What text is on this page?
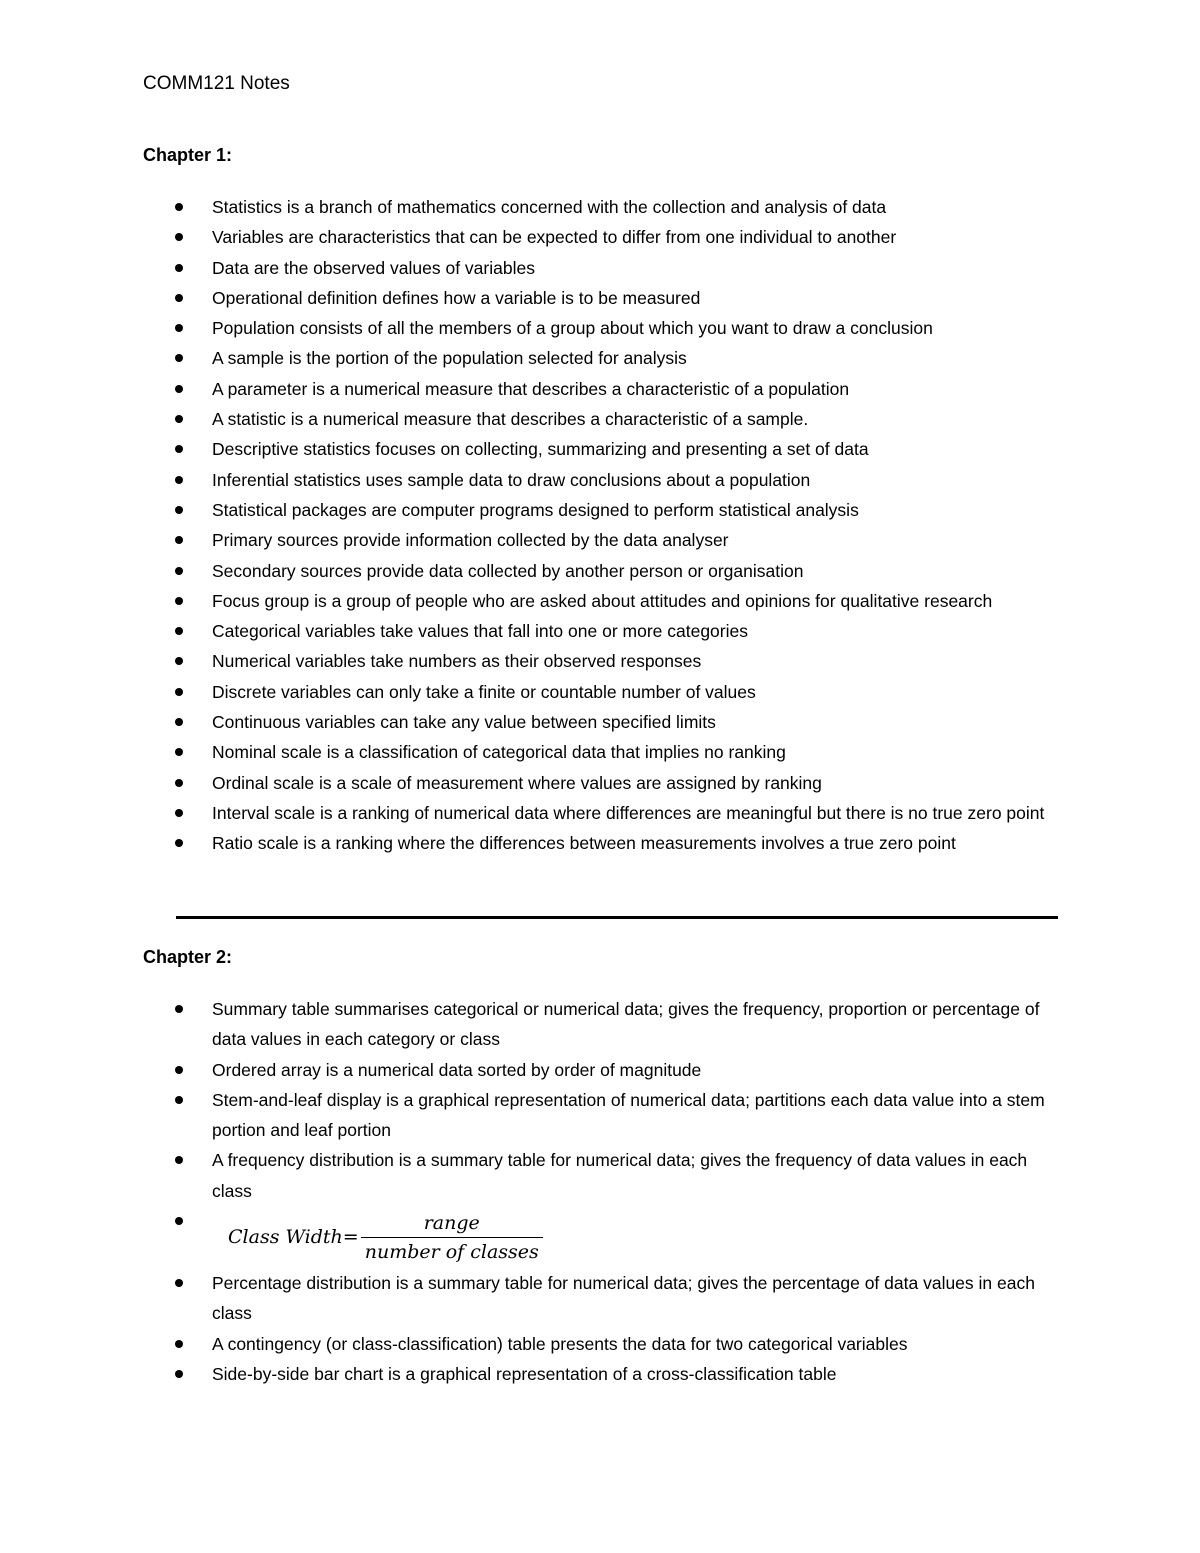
COMM121 Notes
Chapter 1:
Statistics is a branch of mathematics concerned with the collection and analysis of data
Variables are characteristics that can be expected to differ from one individual to another
Data are the observed values of variables
Operational definition defines how a variable is to be measured
Population consists of all the members of a group about which you want to draw a conclusion
A sample is the portion of the population selected for analysis
A parameter is a numerical measure that describes a characteristic of a population
A statistic is a numerical measure that describes a characteristic of a sample.
Descriptive statistics focuses on collecting, summarizing and presenting a set of data
Inferential statistics uses sample data to draw conclusions about a population
Statistical packages are computer programs designed to perform statistical analysis
Primary sources provide information collected by the data analyser
Secondary sources provide data collected by another person or organisation
Focus group is a group of people who are asked about attitudes and opinions for qualitative research
Categorical variables take values that fall into one or more categories
Numerical variables take numbers as their observed responses
Discrete variables can only take a finite or countable number of values
Continuous variables can take any value between specified limits
Nominal scale is a classification of categorical data that implies no ranking
Ordinal scale is a scale of measurement where values are assigned by ranking
Interval scale is a ranking of numerical data where differences are meaningful but there is no true zero point
Ratio scale is a ranking where the differences between measurements involves a true zero point
Chapter 2:
Summary table summarises categorical or numerical data; gives the frequency, proportion or percentage of data values in each category or class
Ordered array is a numerical data sorted by order of magnitude
Stem-and-leaf display is a graphical representation of numerical data; partitions each data value into a stem portion and leaf portion
A frequency distribution is a summary table for numerical data; gives the frequency of data values in each class
Class Width = $\frac{\text{range}}{\text{number of classes}}$
Percentage distribution is a summary table for numerical data; gives the percentage of data values in each class
A contingency (or class-classification) table presents the data for two categorical variables
Side-by-side bar chart is a graphical representation of a cross-classification table
